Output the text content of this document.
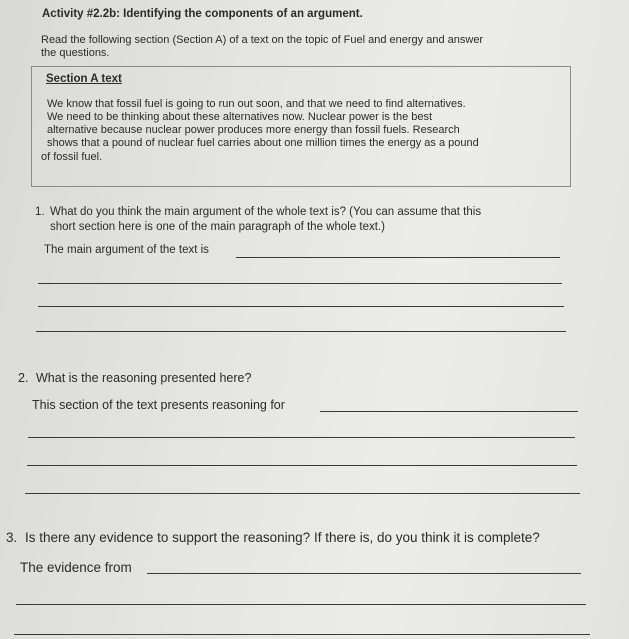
Activity #2.2b: Identifying the components of an argument.

Read the following section (Section A) of a text on the topic of Fuel and energy and answer

the questions.

Section A text
We know that fossil fuel is going to run out soon, and that we need to find alternatives.
We need to be thinking about these alternatives now. Nuclear power is the best
alternative because nuclear power produces more energy than fossil fuels. Research
shows that a pound of nuclear fuel carries about one million times the energy as a pound
of fossil fuel.
1. What do you think the main argument of the whole text is? (You can assume that this
short section here is one of the main paragraph of the whole text.)
The main argument of the text is
2. What is the reasoning presented here?
This section of the text presents reasoning for
3. Is there any evidence to support the reasoning? If there is, do you think it is complete?
The evidence from
